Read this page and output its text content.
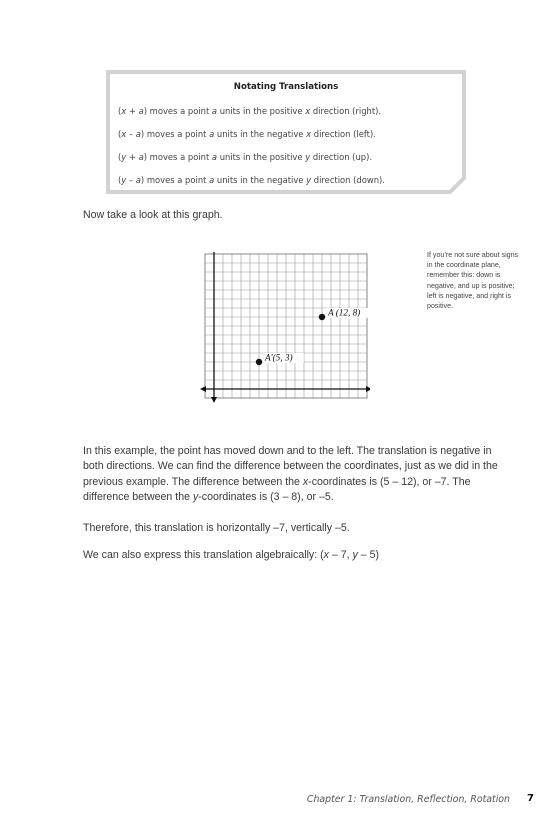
Notating Translations
(x + a) moves a point a units in the positive x direction (right).
(x – a) moves a point a units in the negative x direction (left).
(y + a) moves a point a units in the positive y direction (up).
(y – a) moves a point a units in the negative y direction (down).

Now take a look at this graph.

If you’re not sure about signs in the coordinate plane, remember this: down is negative, and up is positive; left is negative, and right is positive.
A (12, 8)
A′(5, 3)

In this example, the point has moved down and to the left. The translation is negative in both directions. We can find the difference between the coordinates, just as we did in the previous example. The difference between the x-coordinates is (5 – 12), or –7. The difference between the y-coordinates is (3 – 8), or –5.

Therefore, this translation is horizontally –7, vertically –5.

We can also express this translation algebraically: (x – 7, y – 5)

Chapter 1: Translation, Reflection, Rotation 7
